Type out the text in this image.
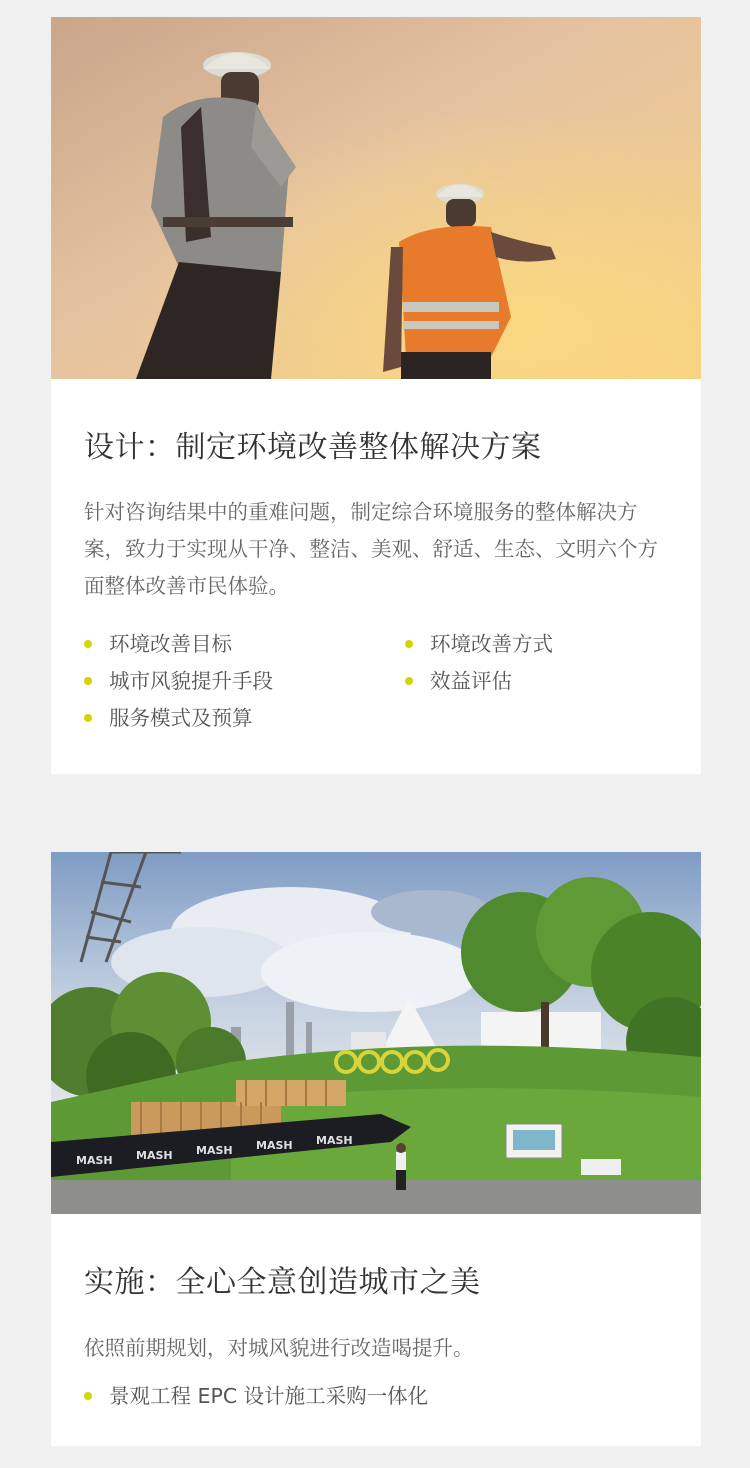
设计：制定环境改善整体解决方案
针对咨询结果中的重难问题，制定综合环境服务的整体解决方案，致力于实现从干净、整洁、美观、舒适、生态、文明六个方面整体改善市民体验。
环境改善目标	环境改善方式
城市风貌提升手段	效益评估
服务模式及预算
MASH MASH MASH MASH MASH
实施：全心全意创造城市之美
依照前期规划，对城风貌进行改造喝提升。
景观工程 EPC 设计施工采购一体化
